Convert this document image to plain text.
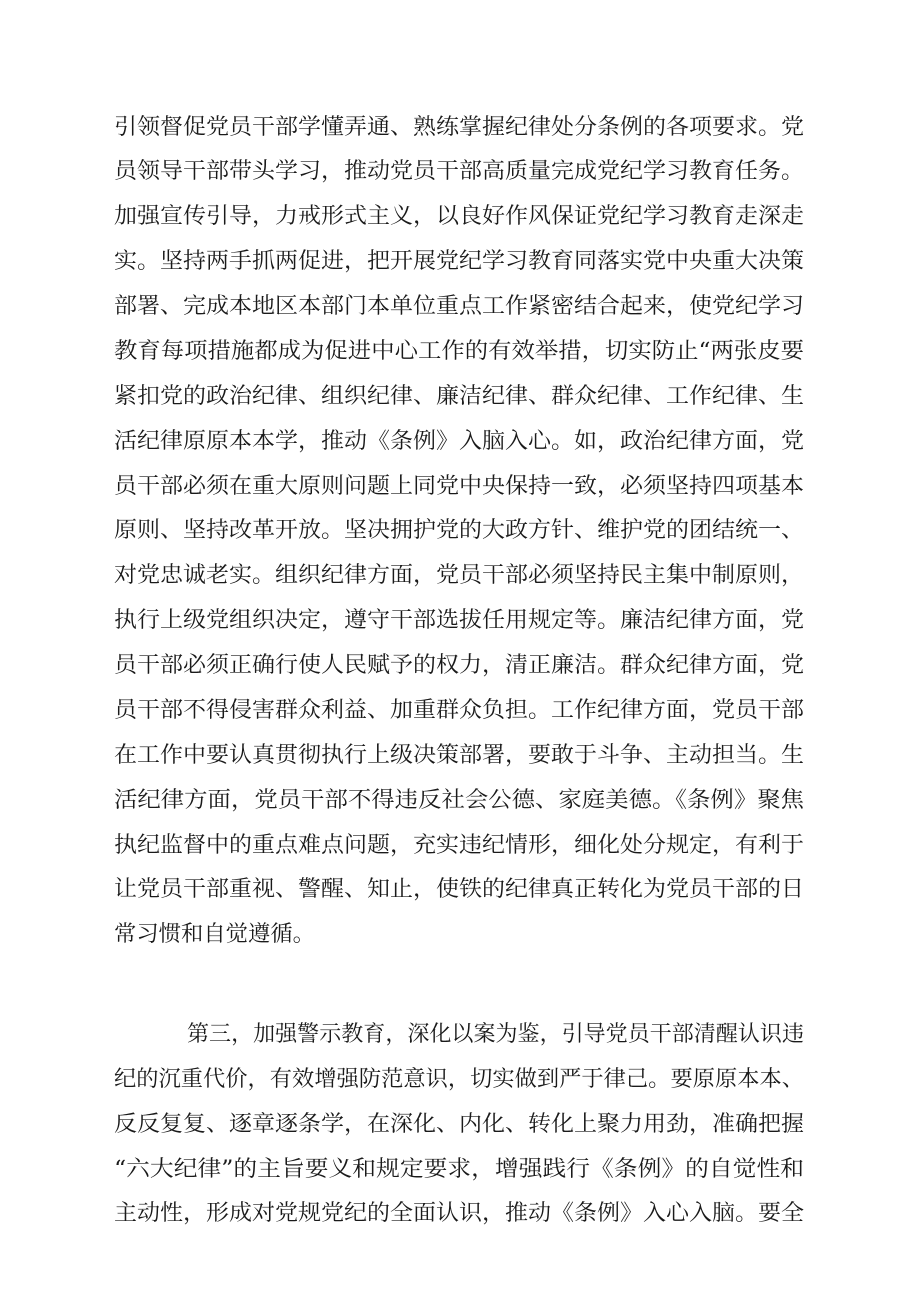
引领督促党员干部学懂弄通、熟练掌握纪律处分条例的各项要求。党
员领导干部带头学习，推动党员干部高质量完成党纪学习教育任务。
加强宣传引导，力戒形式主义，以良好作风保证党纪学习教育走深走
实。坚持两手抓两促进，把开展党纪学习教育同落实党中央重大决策
部署、完成本地区本部门本单位重点工作紧密结合起来，使党纪学习
教育每项措施都成为促进中心工作的有效举措，切实防止“两张皮要
紧扣党的政治纪律、组织纪律、廉洁纪律、群众纪律、工作纪律、生
活纪律原原本本学，推动《条例》入脑入心。如，政治纪律方面，党
员干部必须在重大原则问题上同党中央保持一致，必须坚持四项基本
原则、坚持改革开放。坚决拥护党的大政方针、维护党的团结统一、
对党忠诚老实。组织纪律方面，党员干部必须坚持民主集中制原则，
执行上级党组织决定，遵守干部选拔任用规定等。廉洁纪律方面，党
员干部必须正确行使人民赋予的权力，清正廉洁。群众纪律方面，党
员干部不得侵害群众利益、加重群众负担。工作纪律方面，党员干部
在工作中要认真贯彻执行上级决策部署，要敢于斗争、主动担当。生
活纪律方面，党员干部不得违反社会公德、家庭美德。《条例》聚焦
执纪监督中的重点难点问题，充实违纪情形，细化处分规定，有利于
让党员干部重视、警醒、知止，使铁的纪律真正转化为党员干部的日
常习惯和自觉遵循。
第三，加强警示教育，深化以案为鉴，引导党员干部清醒认识违
纪的沉重代价，有效增强防范意识，切实做到严于律己。要原原本本、
反反复复、逐章逐条学，在深化、内化、转化上聚力用劲，准确把握
“六大纪律”的主旨要义和规定要求，增强践行《条例》的自觉性和
主动性，形成对党规党纪的全面认识，推动《条例》入心入脑。要全
